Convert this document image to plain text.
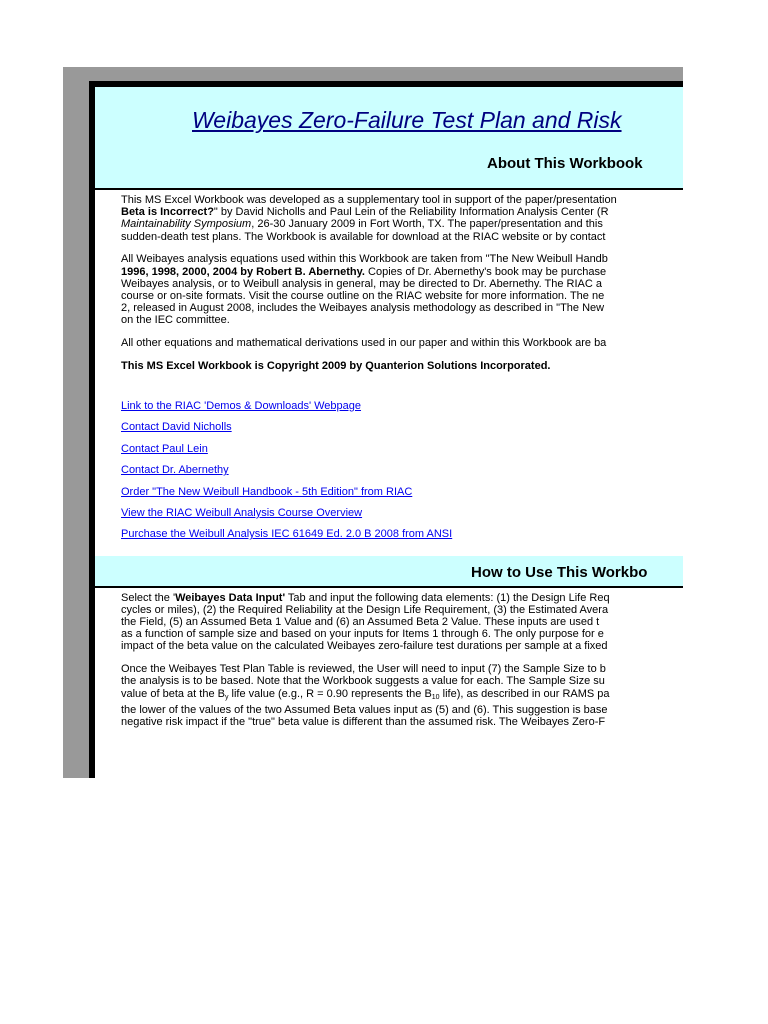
Weibayes Zero-Failure Test Plan and Risk
About This Workbook

This MS Excel Workbook was developed as a supplementary tool in support of the paper/presentation
Beta is Incorrect?" by David Nicholls and Paul Lein of the Reliability Information Analysis Center (R
Maintainability Symposium, 26-30 January 2009 in Fort Worth, TX. The paper/presentation and this
sudden-death test plans. The Workbook is available for download at the RIAC website or by contact

All Weibayes analysis equations used within this Workbook are taken from "The New Weibull Handb
1996, 1998, 2000, 2004 by Robert B. Abernethy. Copies of Dr. Abernethy's book may be purchase
Weibayes analysis, or to Weibull analysis in general, may be directed to Dr. Abernethy. The RIAC a
course or on-site formats. Visit the course outline on the RIAC website for more information. The ne
2, released in August 2008, includes the Weibayes analysis methodology as described in "The New
on the IEC committee.

All other equations and mathematical derivations used in our paper and within this Workbook are ba

This MS Excel Workbook is Copyright 2009 by Quanterion Solutions Incorporated.

Link to the RIAC 'Demos & Downloads' Webpage
Contact David Nicholls
Contact Paul Lein
Contact Dr. Abernethy
Order "The New Weibull Handbook - 5th Edition" from RIAC
View the RIAC Weibull Analysis Course Overview
Purchase the Weibull Analysis IEC 61649 Ed. 2.0 B 2008 from ANSI
How to Use This Workbo

Select the 'Weibayes Data Input' Tab and input the following data elements: (1) the Design Life Req
cycles or miles), (2) the Required Reliability at the Design Life Requirement, (3) the Estimated Avera
the Field, (5) an Assumed Beta 1 Value and (6) an Assumed Beta 2 Value. These inputs are used t
as a function of sample size and based on your inputs for Items 1 through 6. The only purpose for e
impact of the beta value on the calculated Weibayes zero-failure test durations per sample at a fixed

Once the Weibayes Test Plan Table is reviewed, the User will need to input (7) the Sample Size to b
the analysis is to be based. Note that the Workbook suggests a value for each. The Sample Size su
value of beta at the $B_y$ life value (e.g., R = 0.90 represents the $B_{10}$ life), as described in our RAMS pa
the lower of the values of the two Assumed Beta values input as (5) and (6). This suggestion is base
negative risk impact if the "true" beta value is different than the assumed risk. The Weibayes Zero-F
